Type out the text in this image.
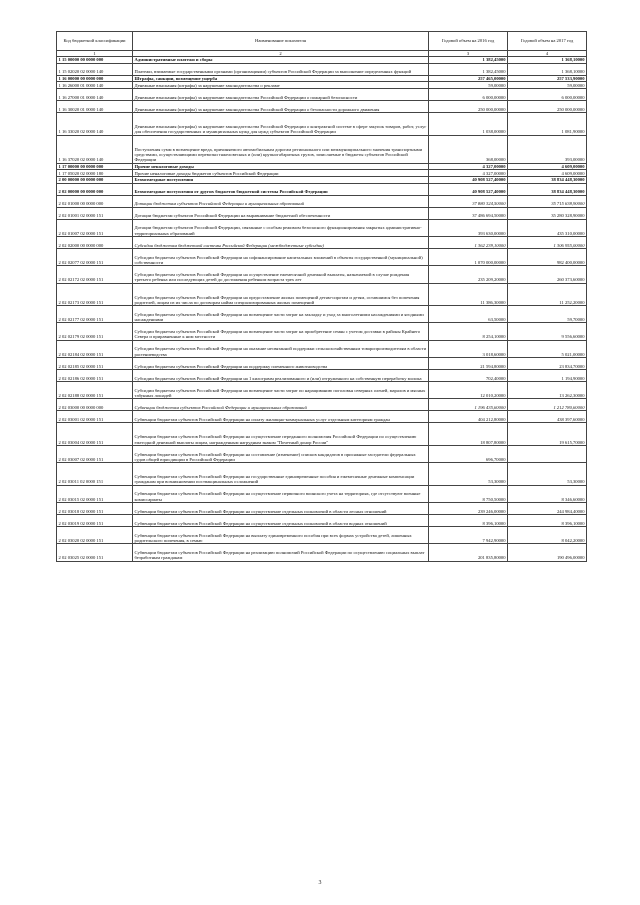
Код бюджетной классификации	Наименование показателя	Годовой объем на 2016 год	Годовой объем на 2017 год
1	2	3	4
1 15 00000 00 0000 000	Административные платежи и сборы	1 382,45000	1 368,10000
1 15 02020 02 0000 140	Платежи, взимаемые государственными органами (организациями) субъектов Российской Федерации за выполнение определенных функций	1 382,45000	1 368,10000
1 16 00000 00 0000 000	Штрафы, санкции, возмещение ущерба	257 465,00000	257 533,90000
1 16 26000 01 0000 140	Денежные взыскания (штрафы) за нарушение законодательства о рекламе	59,00000	59,00000
1 16 27000 01 0000 140	Денежные взыскания (штрафы) за нарушение законодательства Российской Федерации о пожарной безопасности	6 000,00000	6 000,00000
1 16 30020 01 0000 140	Денежные взыскания (штрафы) за нарушение законодательства Российской Федерации о безопасности дорожного движения	250 000,00000	250 000,00000
1 16 33020 02 0000 140	Денежные взыскания (штрафы) за нарушение законодательства Российской Федерации о контрактной системе в сфере закупок товаров, работ, услуг для обеспечения государственных и муниципальных нужд для нужд субъектов Российской Федерации	1 038,00000	1 081,90000
1 16 37020 02 0000 140	Поступления сумм в возмещение вреда, причиняемого автомобильным дорогам регионального или межмуниципального значения транспортными средствами, осуществляющими перевозки тяжеловесных и (или) крупногабаритных грузов, зачисляемые в бюджеты субъектов Российской Федерации	368,00000	393,00000
1 17 00000 00 0000 000	Прочие неналоговые доходы	4 327,00000	4 609,00000
1 17 05020 02 0000 180	Прочие неналоговые доходы бюджетов субъектов Российской Федерации	4 327,00000	4 609,00000
2 00 00000 00 0000 000	Безвозмездные поступления	40 908 527,40000	38 834 448,30000
2 02 00000 00 0000 000	Безвозмездные поступления от других бюджетов бюджетной системы Российской Федерации	40 908 527,40000	38 834 448,30000
2 02 01000 00 0000 000	Дотации бюджетам субъектов Российской Федерации и муниципальных образований	37 880 324,50000	35 715 638,90000
2 02 01001 02 0000 151	Дотации бюджетам субъектов Российской Федерации на выравнивание бюджетной обеспеченности	37 486 694,50000	35 280 328,90000
2 02 01007 02 0000 151	Дотации бюджетам субъектов Российской Федерации, связанные с особым режимом безопасного функционирования закрытых административно-территориальных образований	393 630,00000	435 310,00000
2 02 02000 00 0000 000	Субсидии бюджетам бюджетной системы Российской Федерации (межбюджетные субсидии)	1 362 239,10000	1 306 955,00000
2 02 02077 02 0000 151	Субсидии бюджетам субъектов Российской Федерации на софинансирование капитальных вложений в объекты государственной (муниципальной) собственности	1 070 000,00000	982 400,00000
2 02 02172 02 0000 151	Субсидии бюджетам субъектов Российской Федерации на осуществление ежемесячной денежной выплаты, назначаемой в случае рождения третьего ребенка или последующих детей до достижения ребенком возраста трех лет	235 209,20000	260 373,60000
2 02 02173 02 0000 151	Субсидии бюджетам субъектов Российской Федерации на предоставление жилых помещений детям-сиротам и детям, оставшимся без попечения родителей, лицам из их числа по договорам найма специализированных жилых помещений	11 386,30000	11 252,20000
2 02 02177 02 0000 151	Субсидии бюджетам субъектов Российской Федерации на возмещение части затрат на закладку и уход за многолетними насаждениями и ягодными насаждениями	63,50000	59,70000
2 02 02179 02 0000 151	Субсидии бюджетам субъектов Российской Федерации на возмещение части затрат на приобретение семян с учетом доставки в районы Крайнего Севера и приравненные к ним местности	8 254,10000	9 556,60000
2 02 02184 02 0000 151	Субсидии бюджетам субъектов Российской Федерации на оказание несвязанной поддержки сельскохозяйственным товаропроизводителям в области растениеводства	3 018,60000	5 021,00000
2 02 02185 02 0000 151	Субсидии бюджетам субъектов Российской Федерации на поддержку племенного животноводства	21 594,80000	23 834,70000
2 02 02186 02 0000 151	Субсидии бюджетам субъектов Российской Федерации на 1 килограмм реализованного и (или) отгруженного на собственную переработку молока	702,40000	1 194,90000
2 02 02188 02 0000 151	Субсидии бюджетам субъектов Российской Федерации на возмещение части затрат по наращиванию поголовья северных оленей, маралов и мясных табунных лошадей	12 010,20000	13 262,30000
2 02 03000 00 0000 000	Субвенции бюджетам субъектов Российской Федерации и муниципальных образований	1 196 435,60000	1 212 780,60000
2 02 03001 02 0000 151	Субвенции бюджетам субъектов Российской Федерации на оплату жилищно-коммунальных услуг отдельным категориям граждан	404 212,80000	438 397,60000
2 02 03004 02 0000 151	Субвенции бюджетам субъектов Российской Федерации на осуществление переданного полномочия Российской Федерации по осуществлению ежегодной денежной выплаты лицам, награжденным нагрудным знаком "Почетный донор России"	18 807,80000	19 615,70000
2 02 03007 02 0000 151	Субвенции бюджетам субъектов Российской Федерации на составление (изменение) списков кандидатов в присяжные заседатели федеральных судов общей юрисдикции в Российской Федерации	696,70000	
2 02 03011 02 0000 151	Субвенции бюджетам субъектов Российской Федерации на государственные единовременные пособия и ежемесячные денежные компенсации гражданам при возникновении поствакцинальных осложнений	53,30000	53,30000
2 02 03015 02 0000 151	Субвенции бюджетам субъектов Российской Федерации на осуществление первичного воинского учета на территориях, где отсутствуют военные комиссариаты	8 750,50000	8 346,60000
2 02 03018 02 0000 151	Субвенции бюджетам субъектов Российской Федерации на осуществление отдельных полномочий в области лесных отношений	239 246,00000	244 984,40000
2 02 03019 02 0000 151	Субвенции бюджетам субъектов Российской Федерации на осуществление отдельных полномочий в области водных отношений	8 396,10000	8 396,10000
2 02 03020 02 0000 151	Субвенции бюджетам субъектов Российской Федерации на выплату единовременного пособия при всех формах устройства детей, лишенных родительского попечения, в семью	7 942,90000	8 042,20000
2 02 03025 02 0000 151	Субвенции бюджетам субъектов Российской Федерации на реализацию полномочий Российской Федерации по осуществлению социальных выплат безработным гражданам	201 835,80000	190 496,00000
3
